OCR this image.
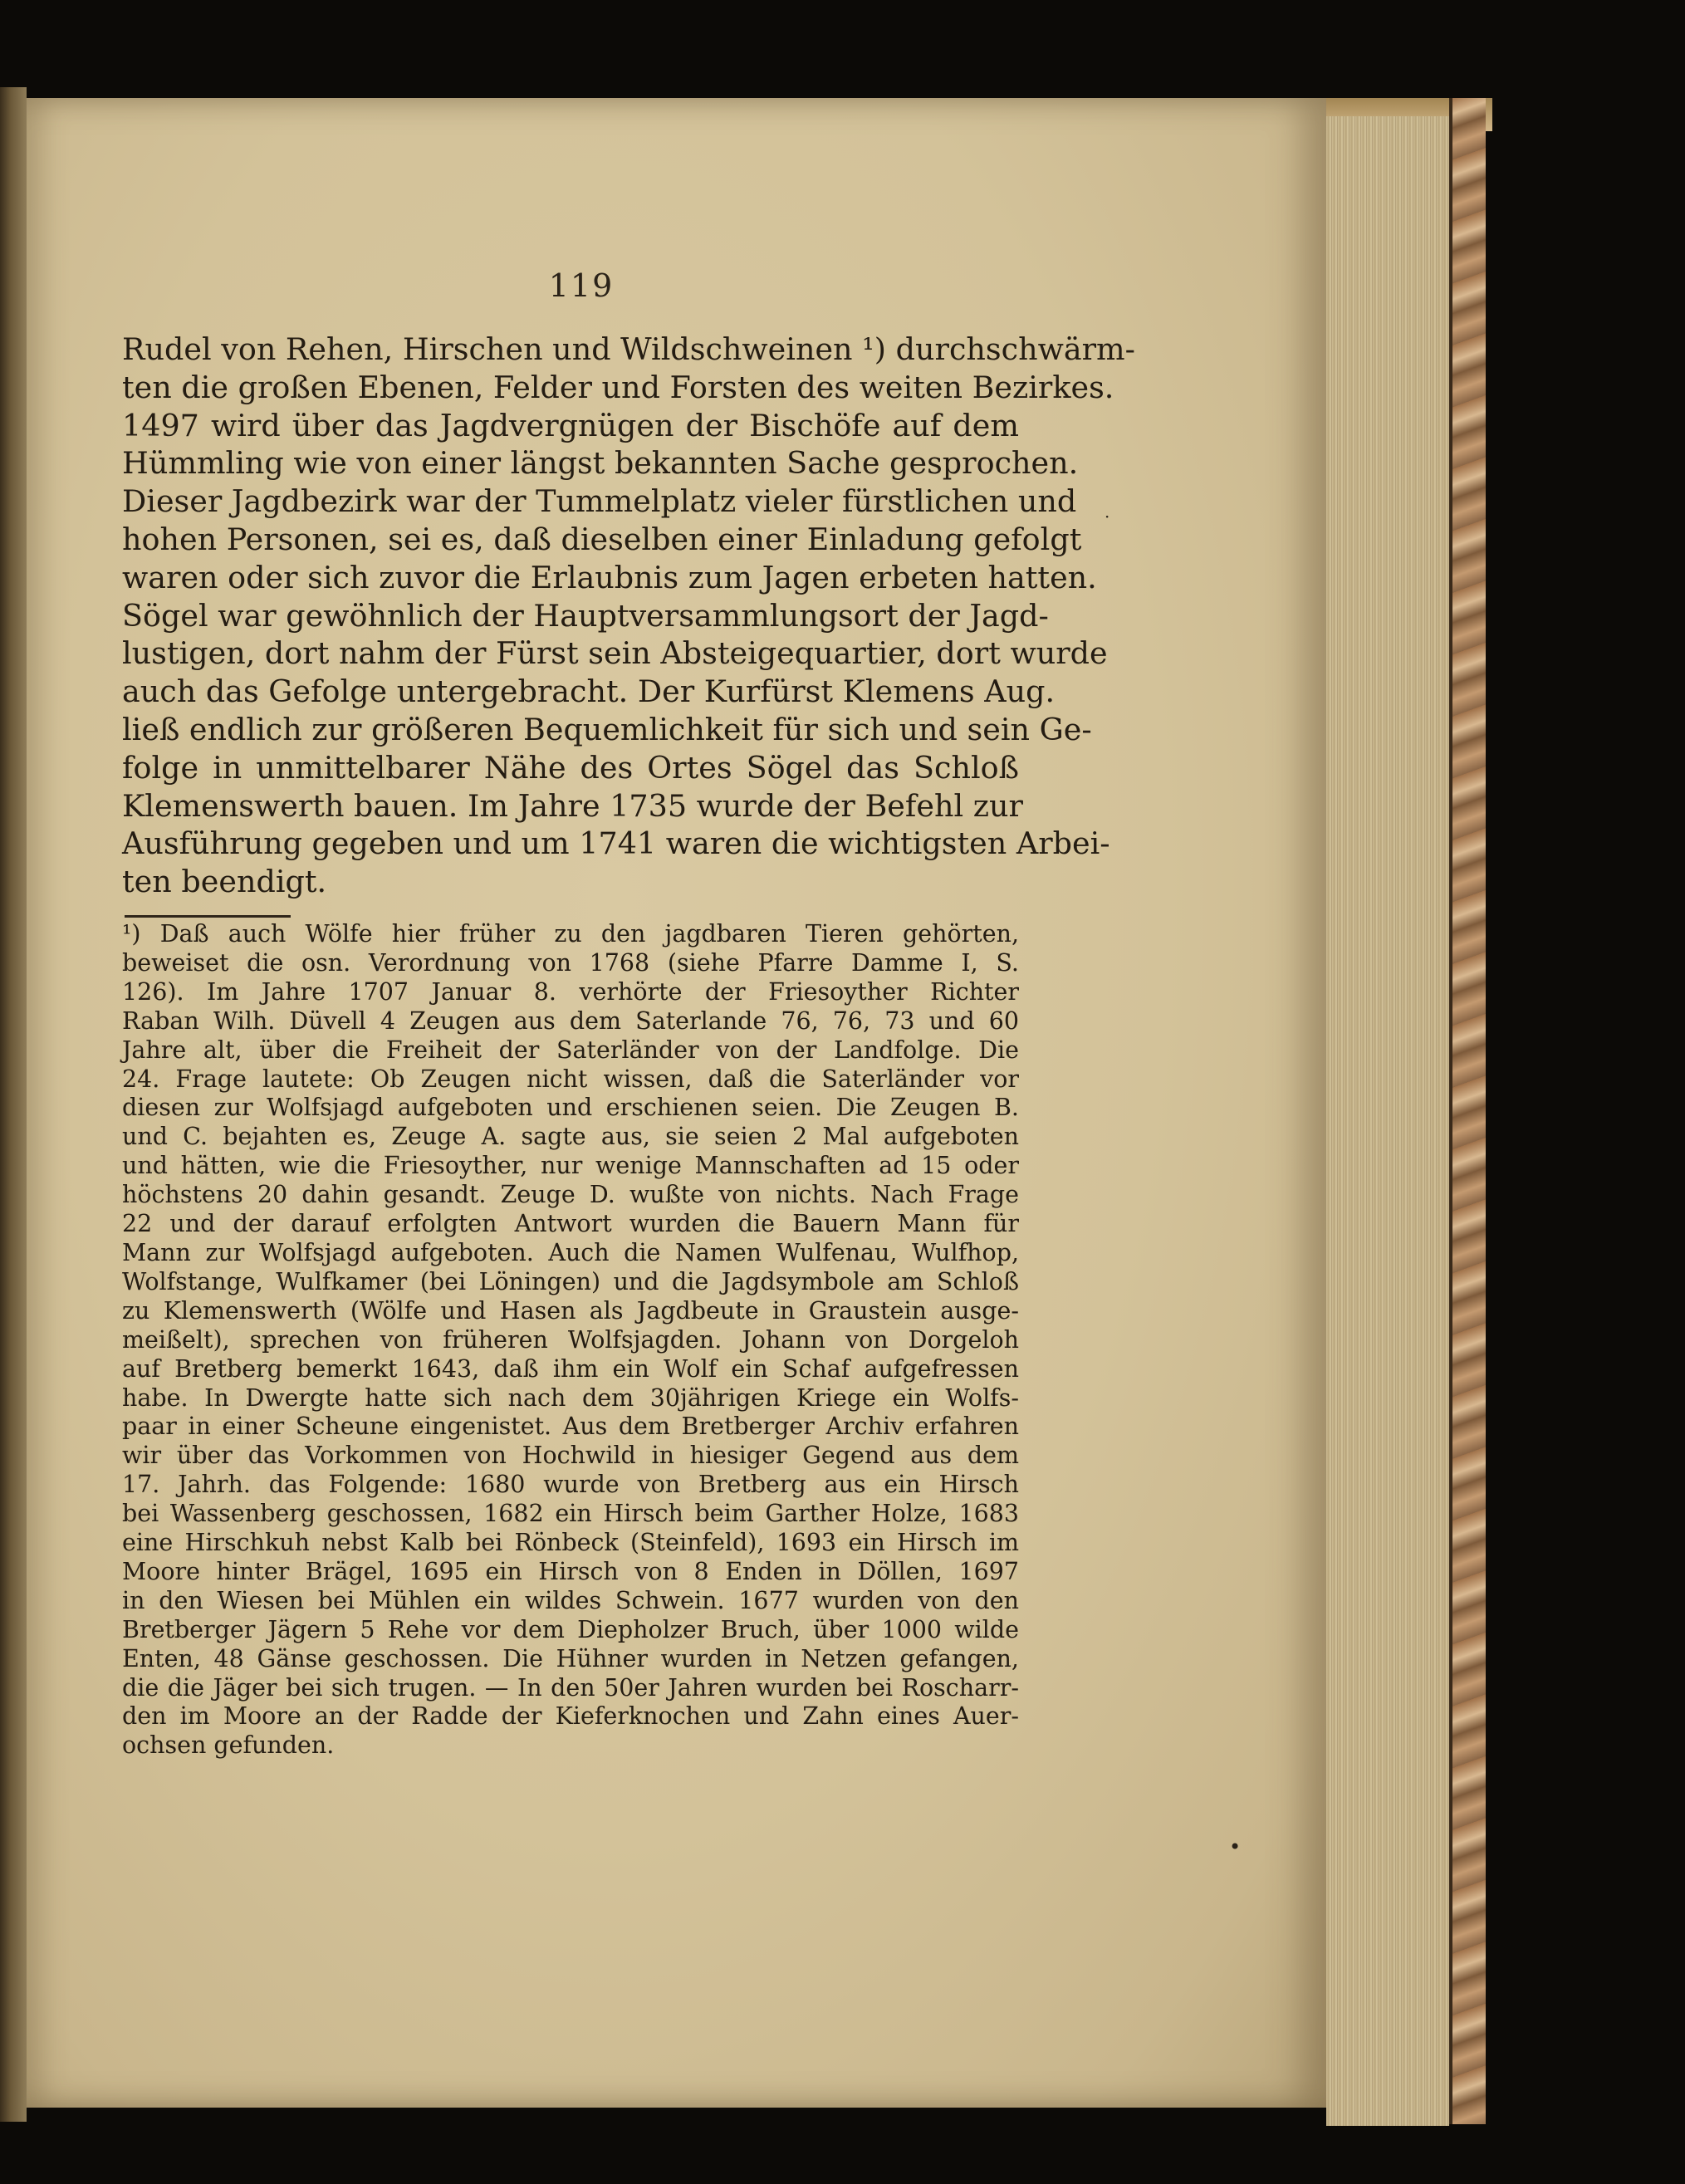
119
Rudel von Rehen, Hirschen und Wildschweinen ¹) durchschwärm-
ten die großen Ebenen, Felder und Forsten des weiten Bezirkes.
1497 wird über das Jagdvergnügen der Bischöfe auf dem
Hümmling wie von einer längst bekannten Sache gesprochen.
Dieser Jagdbezirk war der Tummelplatz vieler fürstlichen und
hohen Personen, sei es, daß dieselben einer Einladung gefolgt
waren oder sich zuvor die Erlaubnis zum Jagen erbeten hatten.
Sögel war gewöhnlich der Hauptversammlungsort der Jagd-
lustigen, dort nahm der Fürst sein Absteigequartier, dort wurde
auch das Gefolge untergebracht. Der Kurfürst Klemens Aug.
ließ endlich zur größeren Bequemlichkeit für sich und sein Ge-
folge in unmittelbarer Nähe des Ortes Sögel das Schloß
Klemenswerth bauen. Im Jahre 1735 wurde der Befehl zur
Ausführung gegeben und um 1741 waren die wichtigsten Arbei-
ten beendigt.
¹) Daß auch Wölfe hier früher zu den jagdbaren Tieren gehörten,
beweiset die osn. Verordnung von 1768 (siehe Pfarre Damme I, S.
126). Im Jahre 1707 Januar 8. verhörte der Friesoyther Richter
Raban Wilh. Düvell 4 Zeugen aus dem Saterlande 76, 76, 73 und 60
Jahre alt, über die Freiheit der Saterländer von der Landfolge. Die
24. Frage lautete: Ob Zeugen nicht wissen, daß die Saterländer vor
diesen zur Wolfsjagd aufgeboten und erschienen seien. Die Zeugen B.
und C. bejahten es, Zeuge A. sagte aus, sie seien 2 Mal aufgeboten
und hätten, wie die Friesoyther, nur wenige Mannschaften ad 15 oder
höchstens 20 dahin gesandt. Zeuge D. wußte von nichts. Nach Frage
22 und der darauf erfolgten Antwort wurden die Bauern Mann für
Mann zur Wolfsjagd aufgeboten. Auch die Namen Wulfenau, Wulfhop,
Wolfstange, Wulfkamer (bei Löningen) und die Jagdsymbole am Schloß
zu Klemenswerth (Wölfe und Hasen als Jagdbeute in Graustein ausge-
meißelt), sprechen von früheren Wolfsjagden. Johann von Dorgeloh
auf Bretberg bemerkt 1643, daß ihm ein Wolf ein Schaf aufgefressen
habe. In Dwergte hatte sich nach dem 30jährigen Kriege ein Wolfs-
paar in einer Scheune eingenistet. Aus dem Bretberger Archiv erfahren
wir über das Vorkommen von Hochwild in hiesiger Gegend aus dem
17. Jahrh. das Folgende: 1680 wurde von Bretberg aus ein Hirsch
bei Wassenberg geschossen, 1682 ein Hirsch beim Garther Holze, 1683
eine Hirschkuh nebst Kalb bei Rönbeck (Steinfeld), 1693 ein Hirsch im
Moore hinter Brägel, 1695 ein Hirsch von 8 Enden in Döllen, 1697
in den Wiesen bei Mühlen ein wildes Schwein. 1677 wurden von den
Bretberger Jägern 5 Rehe vor dem Diepholzer Bruch, über 1000 wilde
Enten, 48 Gänse geschossen. Die Hühner wurden in Netzen gefangen,
die die Jäger bei sich trugen. — In den 50er Jahren wurden bei Roscharr-
den im Moore an der Radde der Kieferknochen und Zahn eines Auer-
ochsen gefunden.
·
•
